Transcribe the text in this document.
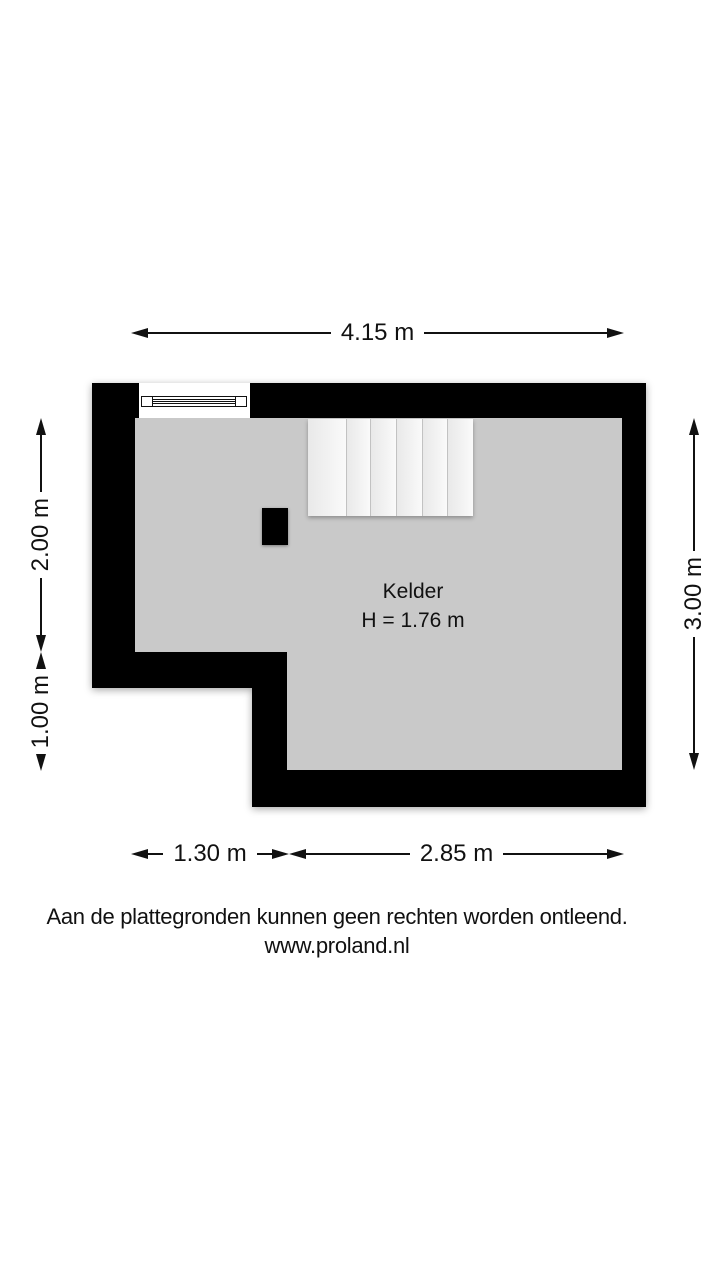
4.15 m
2.00 m
1.00 m
3.00 m
Kelder
H = 1.76 m
1.30 m	2.85 m
Aan de plattegronden kunnen geen rechten worden ontleend.
www.proland.nl
